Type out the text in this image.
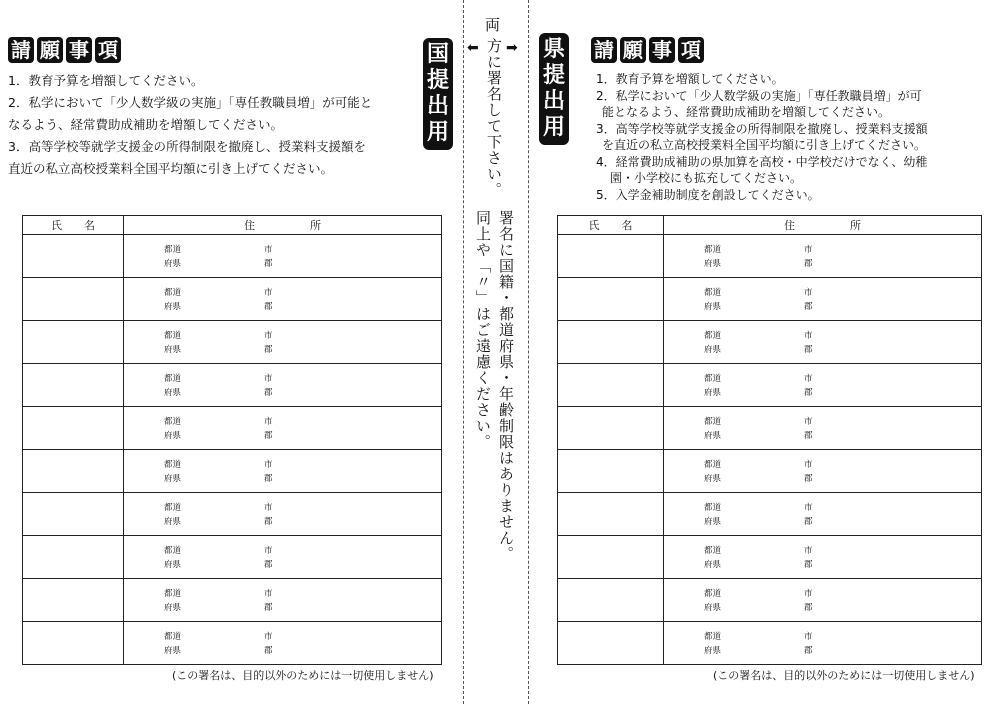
請 願 事 項
1．教育予算を増額してください。
2．私学において「少人数学級の実施」「専任教職員増」が可能と
なるよう、経常費助成補助を増額してください。
3．高等学校等就学支援金の所得制限を撤廃し、授業料支援額を
直近の私立高校授業料全国平均額に引き上げてください。
国
提
出
用
氏　　名	住　　　　　所

	都道
府県
市
郡

	都道
府県
市
郡

	都道
府県
市
郡

	都道
府県
市
郡

	都道
府県
市
郡

	都道
府県
市
郡

	都道
府県
市
郡

	都道
府県
市
郡

	都道
府県
市
郡

	都道
府県
市
郡
(この署名は、目的以外のためには一切使用しません)
⬅
両
➡
方に署名して下さい。
署名に国籍・都道府県・年齢制限はありません。
同上や「〃」はご遠慮ください。
県
提
出
用
請 願 事 項
1．教育予算を増額してください。
2．私学において「少人数学級の実施」「専任教職員増」が可
能となるよう、経常費助成補助を増額してください。
3．高等学校等就学支援金の所得制限を撤廃し、授業料支援額
を直近の私立高校授業料全国平均額に引き上げてください。
4．経常費助成補助の県加算を高校・中学校だけでなく、幼稚
園・小学校にも拡充してください。
5．入学金補助制度を創設してください。
氏　　名	住　　　　　所

	都道
府県
市
郡

	都道
府県
市
郡

	都道
府県
市
郡

	都道
府県
市
郡

	都道
府県
市
郡

	都道
府県
市
郡

	都道
府県
市
郡

	都道
府県
市
郡

	都道
府県
市
郡

	都道
府県
市
郡
(この署名は、目的以外のためには一切使用しません)
